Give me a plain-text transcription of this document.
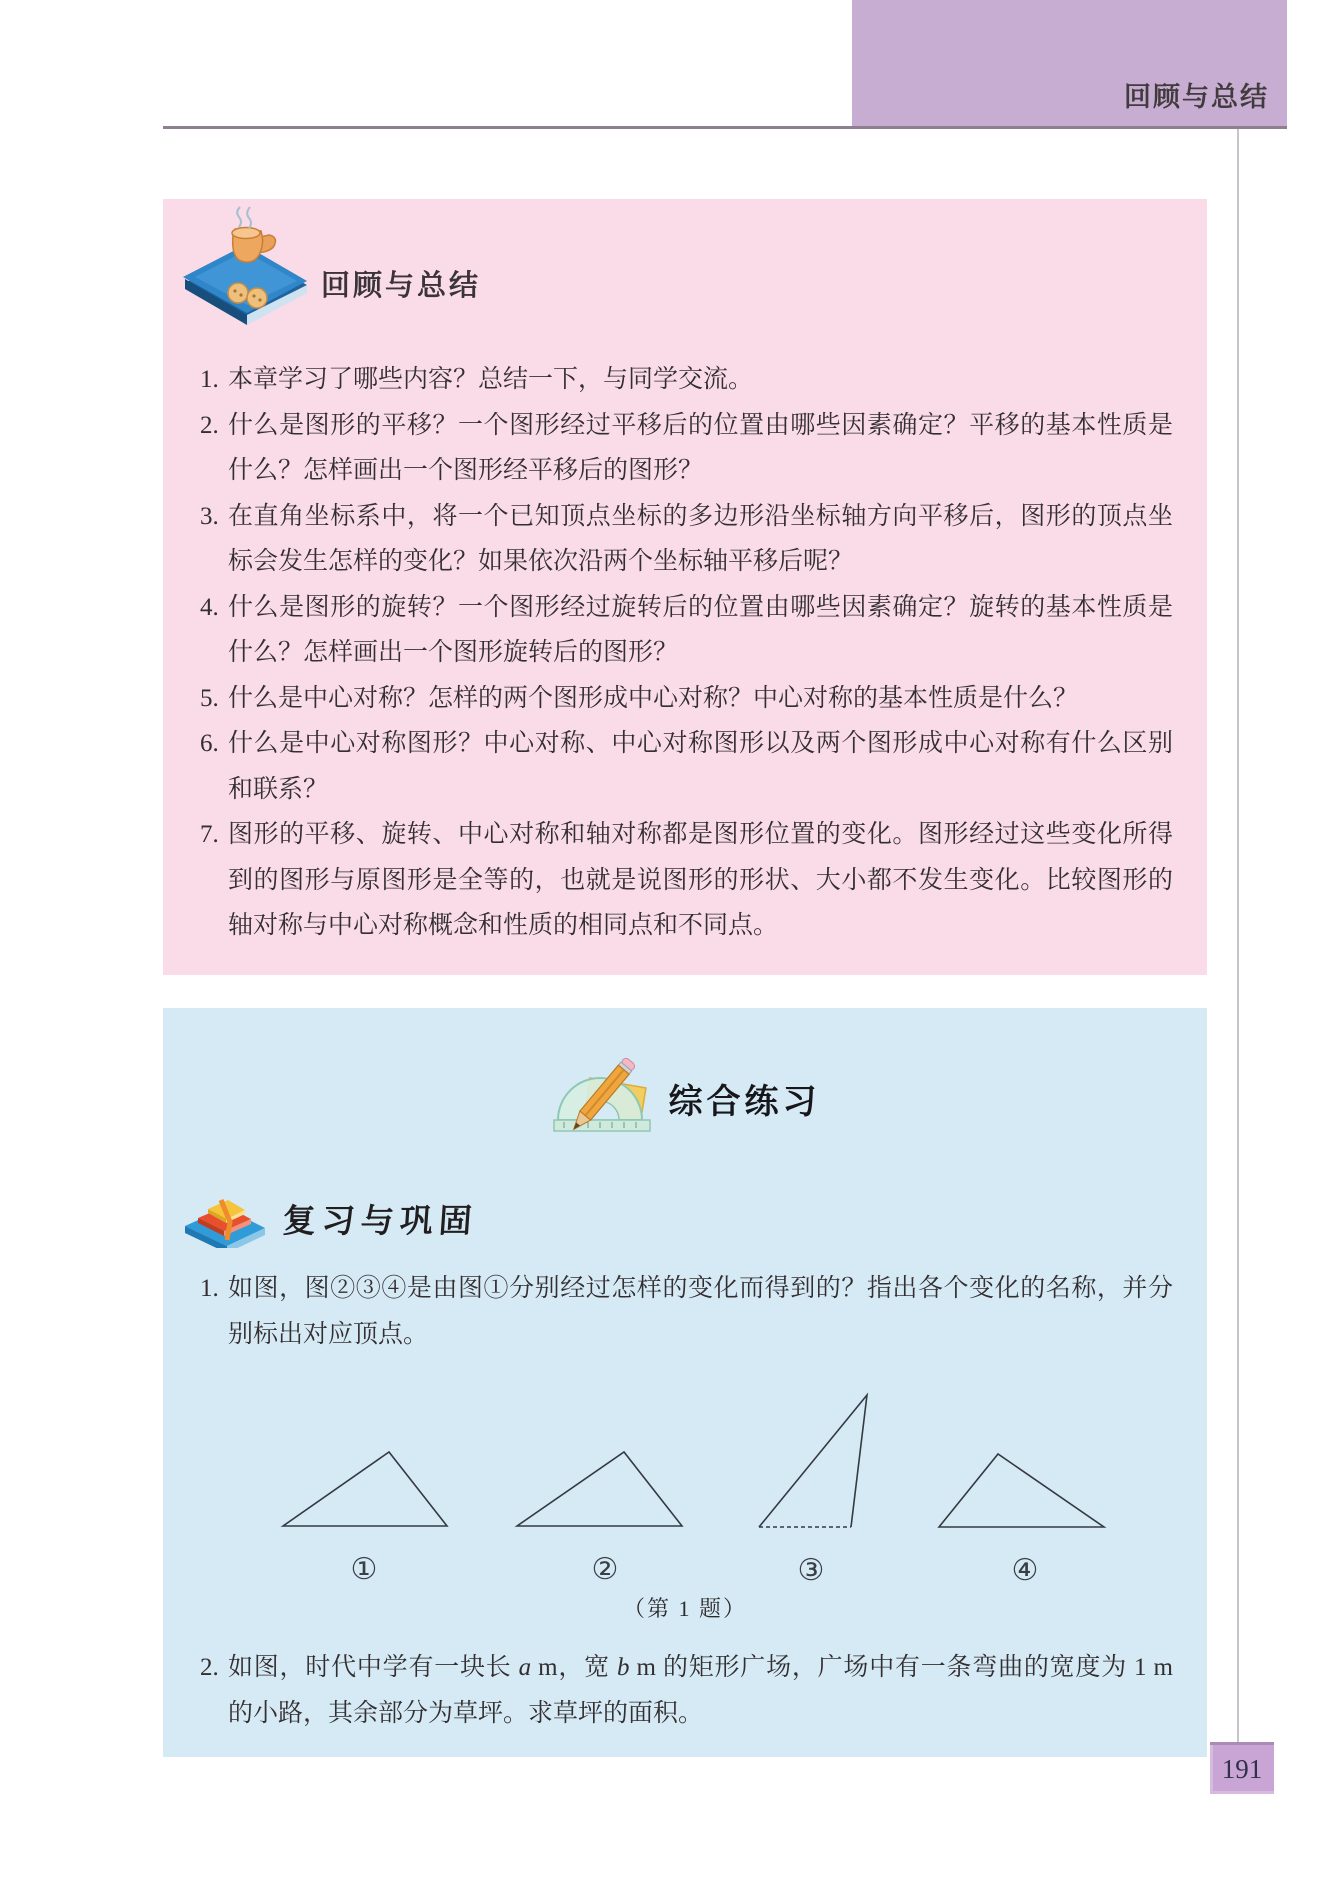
回顾与总结
回顾与总结
1. 本章学习了哪些内容？总结一下，与同学交流。
2. 什么是图形的平移？一个图形经过平移后的位置由哪些因素确定？平移的基本性质是什么？怎样画出一个图形经平移后的图形？
3. 在直角坐标系中，将一个已知顶点坐标的多边形沿坐标轴方向平移后，图形的顶点坐标会发生怎样的变化？如果依次沿两个坐标轴平移后呢？
4. 什么是图形的旋转？一个图形经过旋转后的位置由哪些因素确定？旋转的基本性质是什么？怎样画出一个图形旋转后的图形？
5. 什么是中心对称？怎样的两个图形成中心对称？中心对称的基本性质是什么？
6. 什么是中心对称图形？中心对称、中心对称图形以及两个图形成中心对称有什么区别和联系？
7. 图形的平移、旋转、中心对称和轴对称都是图形位置的变化。图形经过这些变化所得到的图形与原图形是全等的，也就是说图形的形状、大小都不发生变化。比较图形的轴对称与中心对称概念和性质的相同点和不同点。
综合练习
复习与巩固
1. 如图，图②③④是由图①分别经过怎样的变化而得到的？指出各个变化的名称，并分别标出对应顶点。
①	②	③	④
（第 1 题）
2. 如图，时代中学有一块长 a m，宽 b m 的矩形广场，广场中有一条弯曲的宽度为 1 m 的小路，其余部分为草坪。求草坪的面积。
191
